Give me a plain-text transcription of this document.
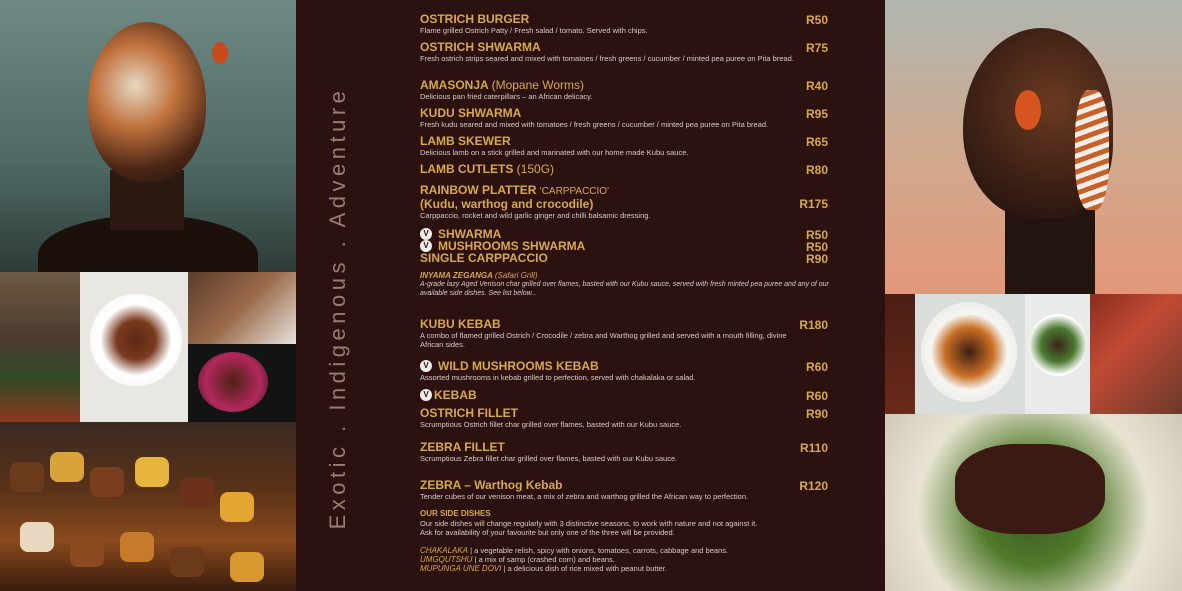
Exotic . Indigenous . Adventure
OSTRICH BURGER
Flame grilled Ostrich Patty / Fresh salad / tomato. Served with chips.
R50
OSTRICH SHWARMA
Fresh ostrich strips seared and mixed with tomatoes / fresh greens / cucumber / minted pea puree on Pita bread.
R75
AMASONJA (Mopane Worms)
Delicious pan fried caterpillars – an African delicacy.
R40
KUDU SHWARMA
Fresh kudu seared and mixed with tomatoes / fresh greens / cucumber / minted pea puree on Pita bread.
R95
LAMB SKEWER
Delicious lamb on a stick grilled and marinated with our home made Kubu sauce.
R65
LAMB CUTLETS (150G)	R80
RAINBOW PLATTER 'CARPPACCIO'
(Kudu, warthog and crocodile)
Carppaccio, rocket and wild garlic ginger and chilli balsamic dressing.
R175
V SHWARMA	R50
V MUSHROOMS SHWARMA	R50
SINGLE CARPPACCIO	R90
INYAMA ZEGANGA (Safari Grill)
A-grade lazy Aged Venison char grilled over flames, basted with our Kubu sauce, served with fresh minted pea puree and any of our available side dishes. See list below...
KUBU KEBAB
A combo of flamed grilled Ostrich / Crocodile / zebra and Warthog grilled and served with a mouth filling, divine African sides.
R180
V WILD MUSHROOMS KEBAB
Assorted mushrooms in kebab grilled to perfection, served with chakalaka or salad.
R60
V KEBAB	R60
OSTRICH FILLET
Scrumptious Ostrich fillet char grilled over flames, basted with our Kubu sauce.
R90
ZEBRA FILLET
Scrumptious Zebra fillet char grilled over flames, basted with our Kubu sauce.
R110
ZEBRA – Warthog Kebab
Tender cubes of our venison meat, a mix of zebra and warthog grilled the African way to perfection.
R120
OUR SIDE DISHES
Our side dishes will change regularly with 3 distinctive seasons, to work with nature and not against it.
Ask for availability of your favourite but only one of the three will be provided.
CHAKALAKA | a vegetable relish, spicy with onions, tomatoes, carrots, cabbage and beans.
UMGQUTSHU | a mix of samp (crashed corn) and beans.
MUPUNGA UNE DOVI | a delicious dish of rice mixed with peanut butter.
